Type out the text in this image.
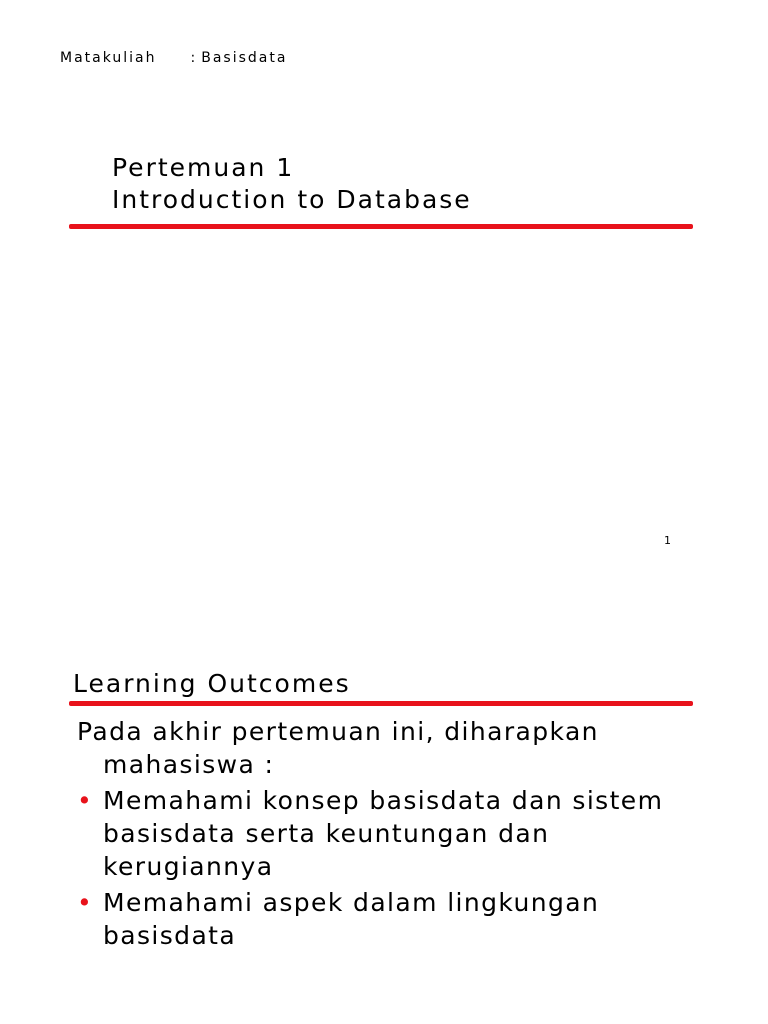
Matakuliah : Basisdata
Pertemuan 1
Introduction to Database
1
Learning Outcomes
Pada akhir pertemuan ini, diharapkan mahasiswa :
• Memahami konsep basisdata dan sistem basisdata serta keuntungan dan kerugiannya
• Memahami aspek dalam lingkungan basisdata
